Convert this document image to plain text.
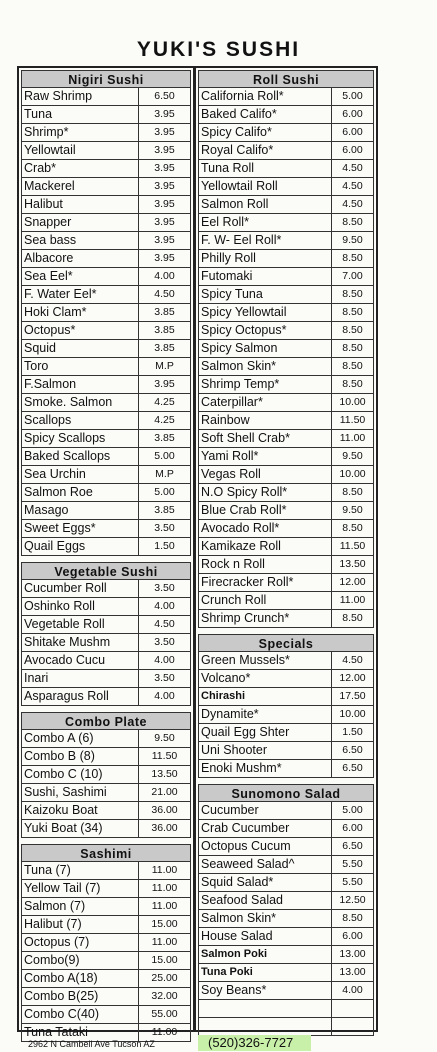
YUKI'S SUSHI
Nigiri Sushi
Raw Shrimp	6.50
Tuna	3.95
Shrimp*	3.95
Yellowtail	3.95
Crab*	3.95
Mackerel	3.95
Halibut	3.95
Snapper	3.95
Sea bass	3.95
Albacore	3.95
Sea Eel*	4.00
F. Water Eel*	4.50
Hoki Clam*	3.85
Octopus*	3.85
Squid	3.85
Toro	M.P
F.Salmon	3.95
Smoke. Salmon	4.25
Scallops	4.25
Spicy Scallops	3.85
Baked Scallops	5.00
Sea Urchin	M.P
Salmon Roe	5.00
Masago	3.85
Sweet Eggs*	3.50
Quail Eggs	1.50
Vegetable Sushi
Cucumber Roll	3.50
Oshinko Roll	4.00
Vegetable Roll	4.50
Shitake Mushm	3.50
Avocado Cucu	4.00
Inari	3.50
Asparagus Roll	4.00
Combo Plate
Combo A (6)	9.50
Combo B (8)	11.50
Combo C (10)	13.50
Sushi, Sashimi	21.00
Kaizoku Boat	36.00
Yuki Boat (34)	36.00
Sashimi
Tuna (7)	11.00
Yellow Tail (7)	11.00
Salmon (7)	11.00
Halibut (7)	15.00
Octopus (7)	11.00
Combo(9)	15.00
Combo A(18)	25.00
Combo B(25)	32.00
Combo C(40)	55.00
Tuna Tataki	11.00
Roll Sushi
California Roll*	5.00
Baked Califo*	6.00
Spicy Califo*	6.00
Royal Califo*	6.00
Tuna Roll	4.50
Yellowtail Roll	4.50
Salmon Roll	4.50
Eel Roll*	8.50
F. W- Eel Roll*	9.50
Philly Roll	8.50
Futomaki	7.00
Spicy Tuna	8.50
Spicy Yellowtail	8.50
Spicy Octopus*	8.50
Spicy Salmon	8.50
Salmon Skin*	8.50
Shrimp Temp*	8.50
Caterpillar*	10.00
Rainbow	11.50
Soft Shell Crab*	11.00
Yami Roll*	9.50
Vegas Roll	10.00
N.O Spicy Roll*	8.50
Blue Crab Roll*	9.50
Avocado Roll*	8.50
Kamikaze Roll	11.50
Rock n Roll	13.50
Firecracker Roll*	12.00
Crunch Roll	11.00
Shrimp Crunch*	8.50
Specials
Green Mussels*	4.50
Volcano*	12.00
Chirashi	17.50
Dynamite*	10.00
Quail Egg Shter	1.50
Uni Shooter	6.50
Enoki Mushm*	6.50
Sunomono Salad
Cucumber	5.00
Crab Cucumber	6.00
Octopus Cucum	6.50
Seaweed Salad^	5.50
Squid Salad*	5.50
Seafood Salad	12.50
Salmon Skin*	8.50
House Salad	6.00
Salmon Poki	13.00
Tuna Poki	13.00
Soy Beans*	4.00
2962 N Cambell Ave Tucson AZ	(520)326-7727
